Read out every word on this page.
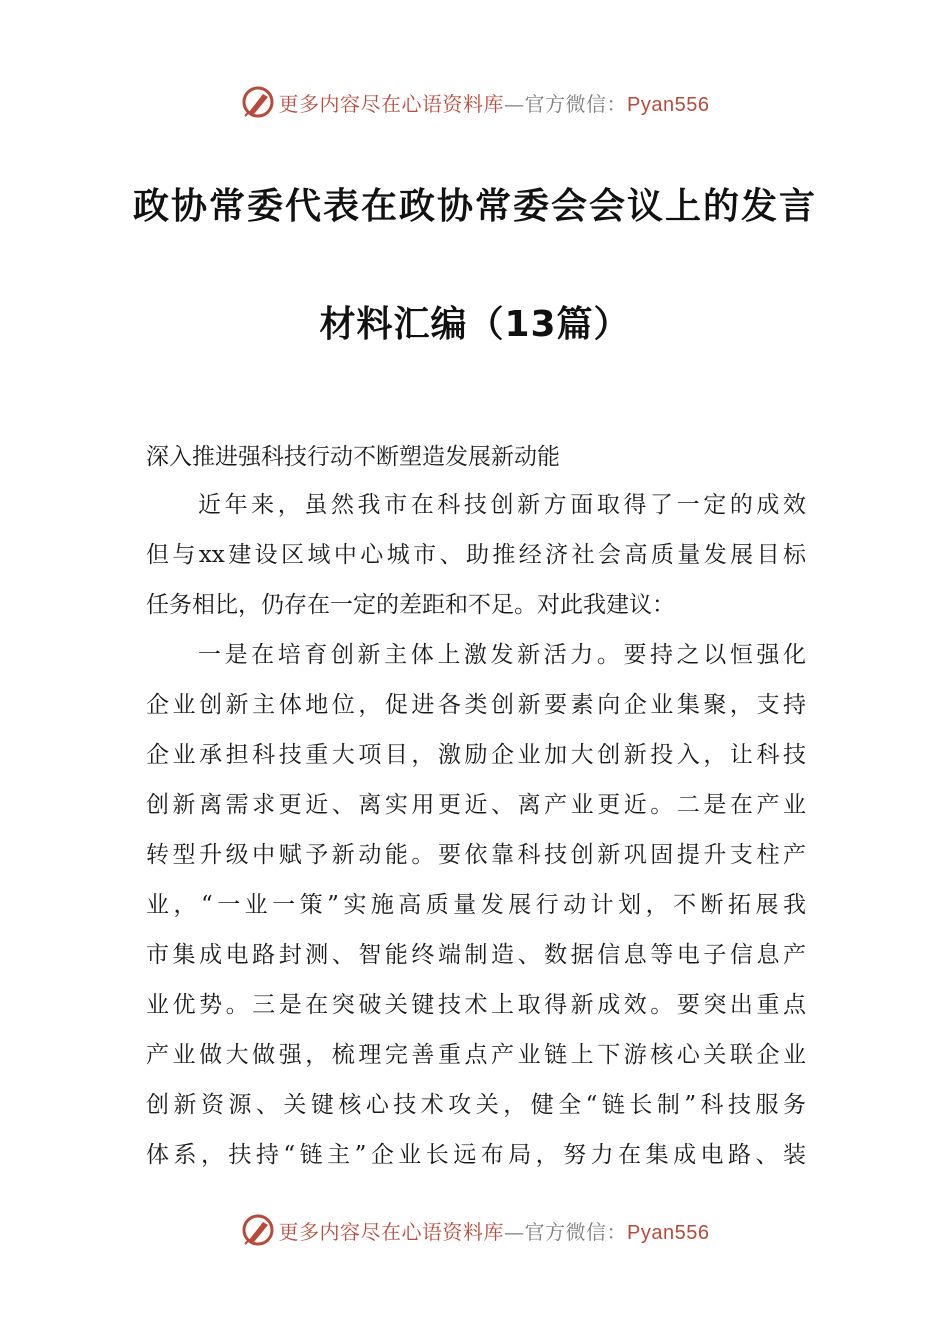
更多内容尽在心语资料库—官方微信：Pyan556
政协常委代表在政协常委会会议上的发言
材料汇编（13篇）
深入推进强科技行动不断塑造发展新动能
近年来，虽然我市在科技创新方面取得了一定的成效
但与xx建设区域中心城市、助推经济社会高质量发展目标
任务相比，仍存在一定的差距和不足。对此我建议：
一是在培育创新主体上激发新活力。要持之以恒强化
企业创新主体地位，促进各类创新要素向企业集聚，支持
企业承担科技重大项目，激励企业加大创新投入，让科技
创新离需求更近、离实用更近、离产业更近。二是在产业
转型升级中赋予新动能。要依靠科技创新巩固提升支柱产
业，“一业一策”实施高质量发展行动计划，不断拓展我
市集成电路封测、智能终端制造、数据信息等电子信息产
业优势。三是在突破关键技术上取得新成效。要突出重点
产业做大做强，梳理完善重点产业链上下游核心关联企业
创新资源、关键核心技术攻关，健全“链长制”科技服务
体系，扶持“链主”企业长远布局，努力在集成电路、装
更多内容尽在心语资料库—官方微信：Pyan556
